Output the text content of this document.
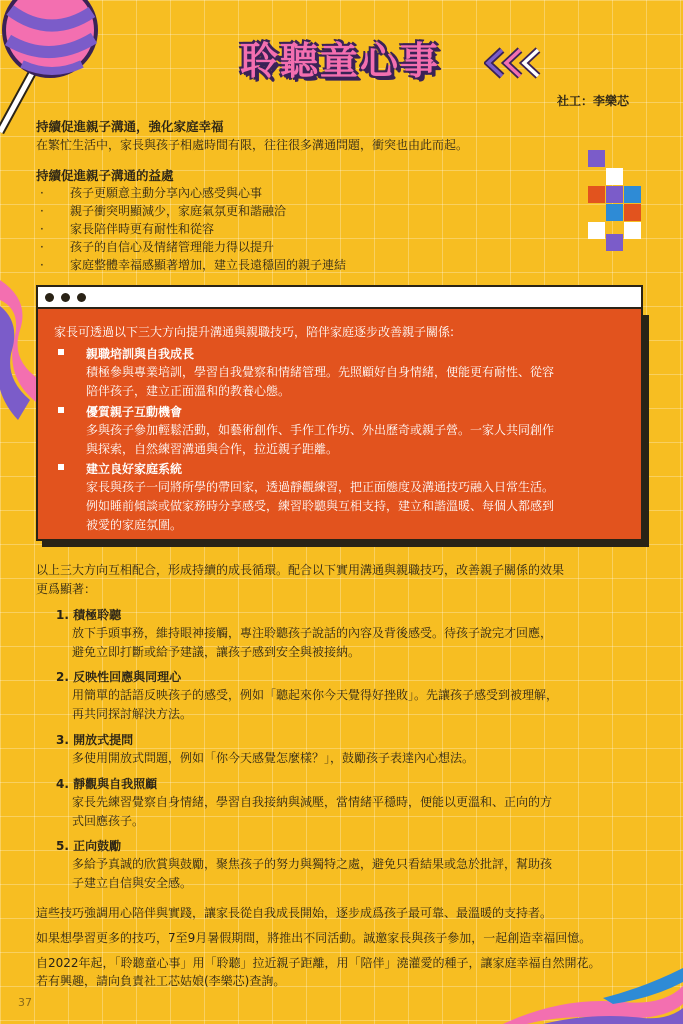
聆聽童心事
社工：李樂芯
持續促進親子溝通，強化家庭幸福
在繁忙生活中，家長與孩子相處時間有限，往往很多溝通問題，衝突也由此而起。
持續促進親子溝通的益處
· 孩子更願意主動分享內心感受與心事
· 親子衝突明顯減少，家庭氣氛更和諧融洽
· 家長陪伴時更有耐性和從容
· 孩子的自信心及情緒管理能力得以提升
· 家庭整體幸福感顯著增加，建立長遠穩固的親子連結
家長可透過以下三大方向提升溝通與親職技巧，陪伴家庭逐步改善親子關係:
親職培訓與自我成長
積極參與專業培訓，學習自我覺察和情緒管理。先照顧好自身情緒，便能更有耐性、從容
陪伴孩子，建立正面溫和的教養心態。
優質親子互動機會
多與孩子參加輕鬆活動，如藝術創作、手作工作坊、外出歷奇或親子營。一家人共同創作
與探索，自然練習溝通與合作，拉近親子距離。
建立良好家庭系統
家長與孩子一同將所學的帶回家，透過靜觀練習，把正面態度及溝通技巧融入日常生活。
例如睡前傾談或做家務時分享感受，練習聆聽與互相支持，建立和諧溫暖、每個人都感到
被愛的家庭氛圍。
以上三大方向互相配合，形成持續的成長循環。配合以下實用溝通與親職技巧，改善親子關係的效果
更爲顯著：
1. 積極聆聽
放下手頭事務，維持眼神接觸，專注聆聽孩子說話的內容及背後感受。待孩子說完才回應，
避免立即打斷或給予建議，讓孩子感到安全與被接納。
2. 反映性回應與同理心
用簡單的話語反映孩子的感受，例如「聽起來你今天覺得好挫敗」。先讓孩子感受到被理解，
再共同探討解決方法。
3. 開放式提問
多使用開放式問題，例如「你今天感覺怎麼樣？」，鼓勵孩子表達內心想法。
4. 靜觀與自我照顧
家長先練習覺察自身情緒，學習自我接納與減壓，當情緒平穩時，便能以更溫和、正向的方
式回應孩子。
5. 正向鼓勵
多給予真誠的欣賞與鼓勵，聚焦孩子的努力與獨特之處，避免只看結果或急於批評，幫助孩
子建立自信與安全感。
這些技巧強調用心陪伴與實踐，讓家長從自我成長開始，逐步成爲孩子最可靠、最溫暖的支持者。
如果想學習更多的技巧，7至9月暑假期間，將推出不同活動。誠邀家長與孩子參加，一起創造幸福回憶。
自2022年起，「聆聽童心事」用「聆聽」拉近親子距離，用「陪伴」澆灌愛的種子，讓家庭幸福自然開花。
若有興趣，請向負責社工芯姑娘(李樂芯)查詢。
37
